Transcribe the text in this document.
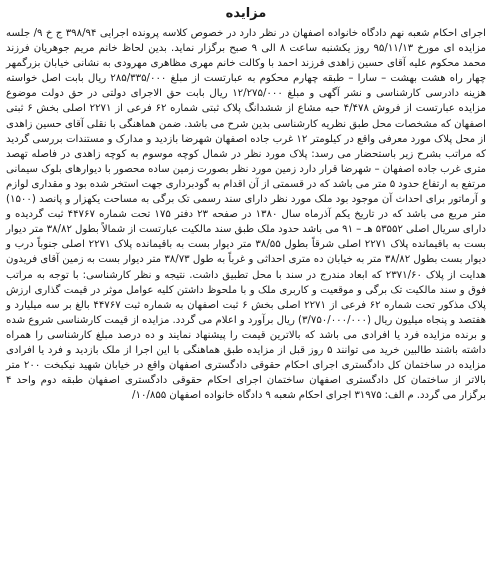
مزایده

اجرای احکام شعبه نهم دادگاه خانواده اصفهان در نظر دارد در خصوص کلاسه پرونده اجرایی ۳۹۸/۹۴ ج خ ۹/ جلسه مزایده ای مورخ ۹۵/۱۱/۱۳ روز یکشنبه ساعت ۸ الی ۹ صبح برگزار نماید. بدین لحاظ خانم مریم جوهریان فرزند محمد محکوم علیه آقای حسین زاهدی فرزند احمد با وکالت خانم مهری مظاهری مهرودی به نشانی خیابان بزرگمهر چهار راه هشت بهشت – سارا – طبقه چهارم محکوم به عبارتست از مبلغ ۲۸۵/۳۳۵/۰۰۰ ریال بابت اصل خواسته هزینه دادرسی کارشناسی و نشر آگهی و مبلغ ۱۲/۲۷۵/۰۰۰ ریال بابت حق الاجرای دولتی در حق دولت موضوع مزایده عبارتست از فروش ۴/۴۷۸ حبه مشاع از ششدانگ پلاک ثبتی شماره ۶۲ فرعی از ۲۲۷۱ اصلی بخش ۶ ثبتی اصفهان که مشخصات محل طبق نظریه کارشناسی بدین شرح می باشد. ضمن هماهنگی با نقلی آقای حسین زاهدی از محل پلاک مورد معرفی واقع در کیلومتر ۱۲ غرب جاده اصفهان شهرضا بازدید و مدارک و مستندات بررسی گردید که مراتب بشرح زیر باستحضار می رسد: پلاک مورد نظر در شمال کوچه موسوم به کوچه زاهدی در فاصله تهصد متری غرب جاده اصفهان – شهرضا قرار دارد زمین مورد نظر بصورت زمین ساده محصور با دیوارهای بلوک سیمانی مرتفع به ارتفاع حدود ۵ متر می باشد که در قسمتی از آن اقدام به گودبرداری جهت استخر شده بود و مقداری لوازم و آرماتور برای احداث آن موجود بود ملک مورد نظر دارای سند رسمی تک برگی به مساحت یکهزار و پانصد (۱۵۰۰) متر مربع می باشد که در تاریخ یکم آذرماه سال ۱۳۸۰ در صفحه ۲۳ دفتر ۱۷۵ تحت شماره ۴۴۷۶۷ ثبت گردیده و دارای سریال اصلی ۵۳۵۵۲ هـ – ۹۱ می باشد حدود ملک طبق سند مالکیت عبارتست از شمالاً بطول ۳۸/۸۲ متر دیوار بست به باقیمانده پلاک ۲۲۷۱ اصلی شرقاً بطول ۳۸/۵۵ متر دیوار بست به باقیمانده پلاک ۲۲۷۱ اصلی جنوباً درب و دیوار بست بطول ۳۸/۸۲ متر به خیابان ده متری احداثی و غرباً به طول ۳۸/۷۳ متر دیوار بست به زمین آقای فریدون هدایت از پلاک ۲۳۷۱/۶۰ که ابعاد مندرج در سند با محل تطبیق داشت. نتیجه و نظر کارشناسی: با توجه به مراتب فوق و سند مالکیت تک برگی و موقعیت و کاربری ملک و با ملحوظ داشتن کلیه عوامل موثر در قیمت گذاری ارزش پلاک مذکور تحت شماره ۶۲ فرعی از ۲۲۷۱ اصلی بخش ۶ ثبت اصفهان به شماره ثبت ۴۴۷۶۷ بالغ بر سه میلیارد و هفتصد و پنجاه میلیون ریال (۳/۷۵۰/۰۰۰/۰۰۰) ریال برآورد و اعلام می گردد. مزایده از قیمت کارشناسی شروع شده و برنده مزایده فرد یا افرادی می باشد که بالاترین قیمت را پیشنهاد نمایند و ده درصد مبلغ کارشناسی را همراه داشته باشند طالبین خرید می توانند ۵ روز قبل از مزایده طبق هماهنگی با این اجرا از ملک بازدید و فرد یا افرادی مزایده در ساختمان کل دادگستری اجرای احکام حقوقی دادگستری اصفهان واقع در خیابان شهید نیکبخت ۲۰۰ متر بالاتر از ساختمان کل دادگستری اصفهان ساختمان اجرای احکام حقوقی دادگستری اصفهان طبقه دوم واحد ۴ برگزار می گردد. م الف: ۳۱۹۷۵ اجرای احکام شعبه ۹ دادگاه خانواده اصفهان ۱۰/۸۵۵/
